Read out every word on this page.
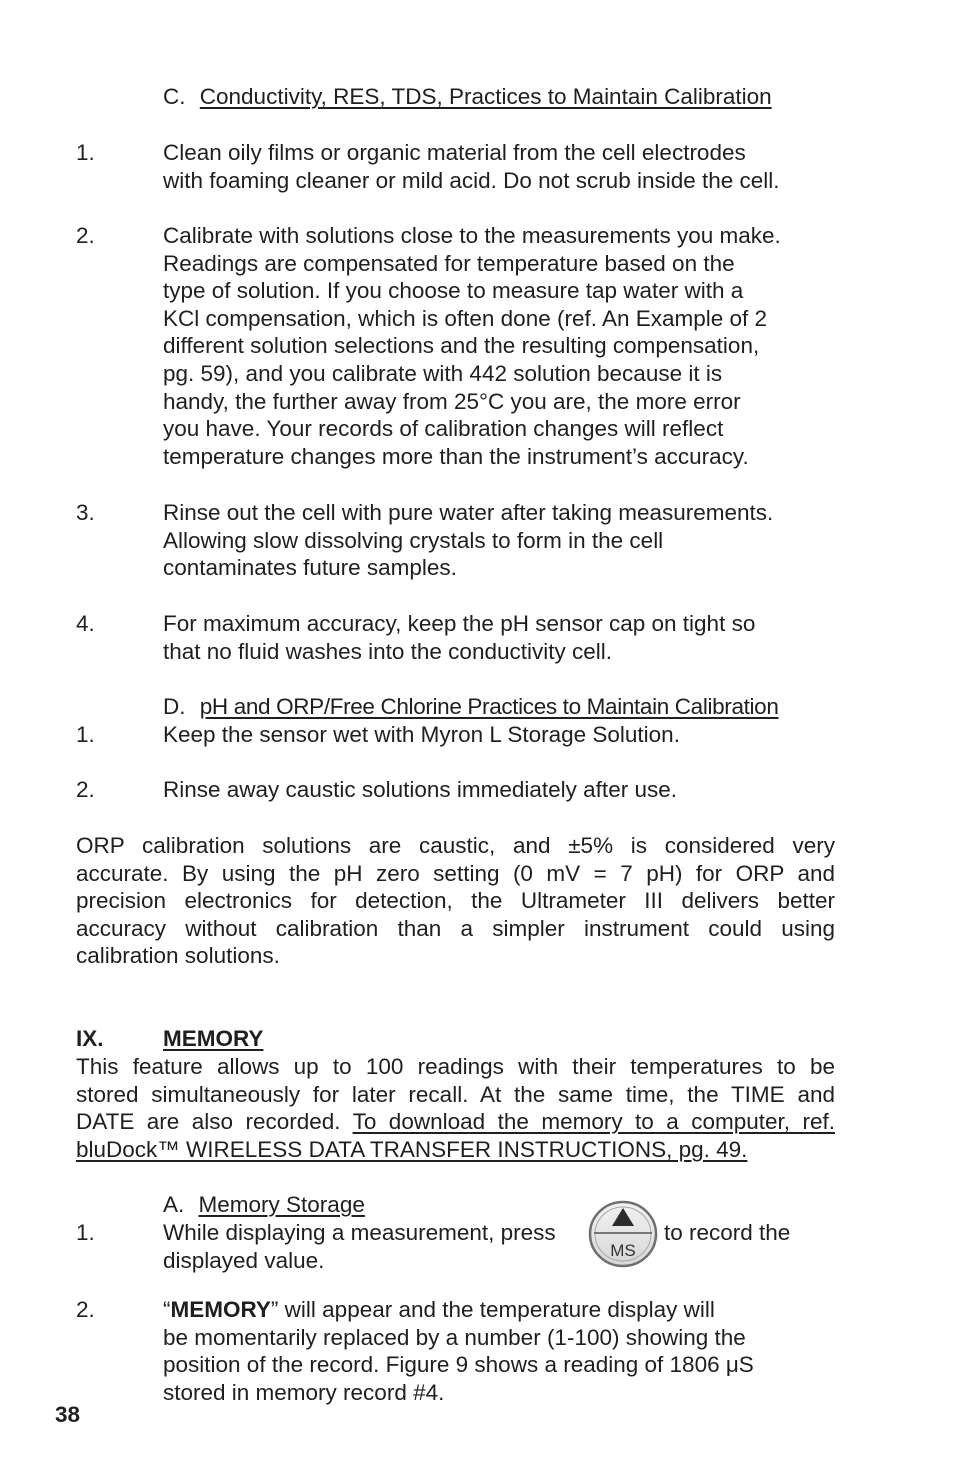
C. Conductivity, RES, TDS, Practices to Maintain Calibration
1.	Clean oily films or organic material from the cell electrodes
with foaming cleaner or mild acid. Do not scrub inside the cell.
2.	Calibrate with solutions close to the measurements you make.
Readings are compensated for temperature based on the
type of solution. If you choose to measure tap water with a
KCl compensation, which is often done (ref. An Example of 2
different solution selections and the resulting compensation,
pg. 59), and you calibrate with 442 solution because it is
handy, the further away from 25°C you are, the more error
you have. Your records of calibration changes will reflect
temperature changes more than the instrument’s accuracy.
3.	Rinse out the cell with pure water after taking measurements.
Allowing slow dissolving crystals to form in the cell
contaminates future samples.
4.	For maximum accuracy, keep the pH sensor cap on tight so
that no fluid washes into the conductivity cell.
D. pH and ORP/Free Chlorine Practices to Maintain Calibration
1.	Keep the sensor wet with Myron L Storage Solution.
2.	Rinse away caustic solutions immediately after use.
ORP calibration solutions are caustic, and ±5% is considered very
accurate. By using the pH zero setting (0 mV = 7 pH) for ORP and
precision electronics for detection, the Ultrameter III delivers better
accuracy without calibration than a simpler instrument could using
calibration solutions.
IX.	MEMORY
This feature allows up to 100 readings with their temperatures to be
stored simultaneously for later recall. At the same time, the TIME and
DATE are also recorded. To download the memory to a computer, ref.
bluDock™ WIRELESS DATA TRANSFER INSTRUCTIONS, pg. 49.
A. Memory Storage
1.	While displaying a measurement, press
MS
to record the
displayed value.
2.	“MEMORY” will appear and the temperature display will
be momentarily replaced by a number (1-100) showing the
position of the record. Figure 9 shows a reading of 1806 μS
stored in memory record #4.
38
